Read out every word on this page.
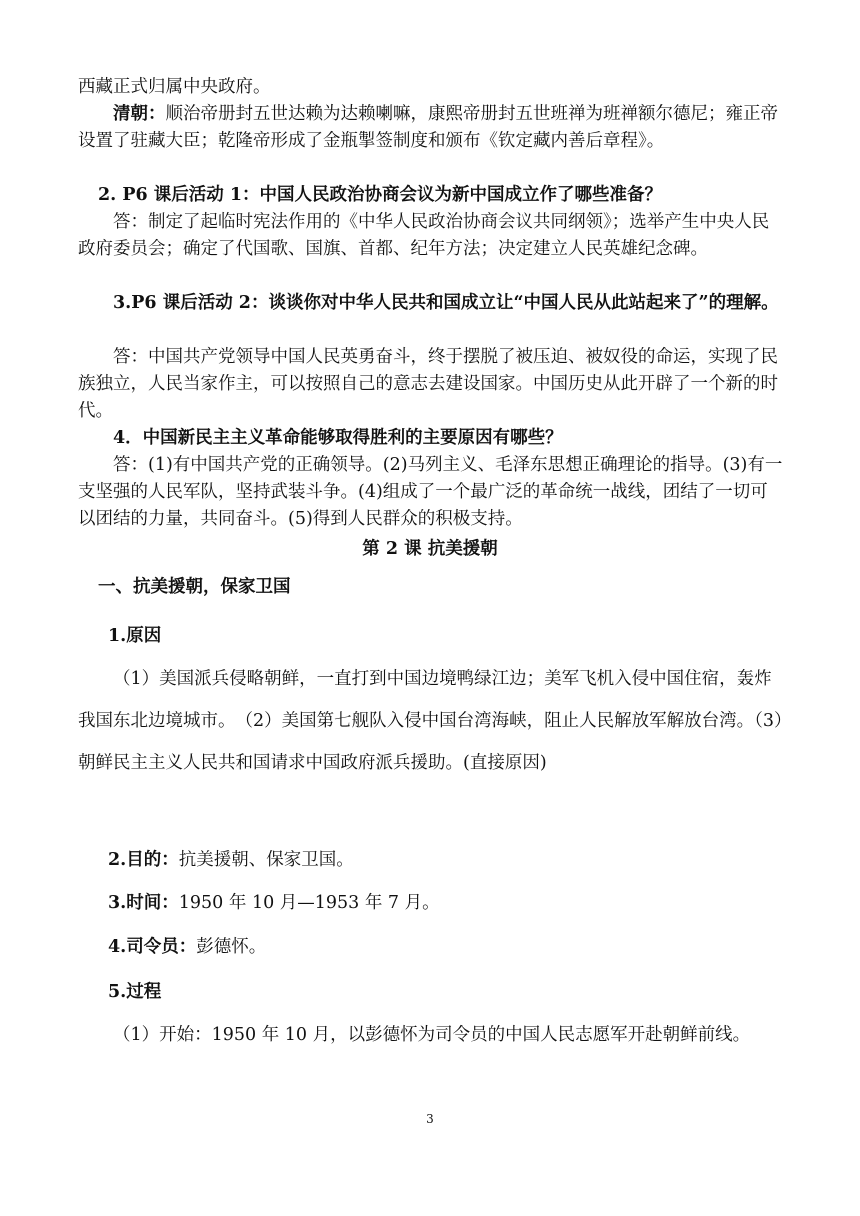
西藏正式归属中央政府。

清朝：顺治帝册封五世达赖为达赖喇嘛，康熙帝册封五世班禅为班禅额尔德尼；雍正帝设置了驻藏大臣；乾隆帝形成了金瓶掣签制度和颁布《钦定藏内善后章程》。

2. P6 课后活动 1：中国人民政治协商会议为新中国成立作了哪些准备？

答：制定了起临时宪法作用的《中华人民政治协商会议共同纲领》；选举产生中央人民政府委员会；确定了代国歌、国旗、首都、纪年方法；决定建立人民英雄纪念碑。

3.P6 课后活动 2：谈谈你对中华人民共和国成立让“中国人民从此站起来了”的理解。

答：中国共产党领导中国人民英勇奋斗，终于摆脱了被压迫、被奴役的命运，实现了民族独立，人民当家作主，可以按照自己的意志去建设国家。中国历史从此开辟了一个新的时代。

4．中国新民主主义革命能够取得胜利的主要原因有哪些？

答：(1)有中国共产党的正确领导。(2)马列主义、毛泽东思想正确理论的指导。(3)有一支坚强的人民军队，坚持武装斗争。(4)组成了一个最广泛的革命统一战线，团结了一切可以团结的力量，共同奋斗。(5)得到人民群众的积极支持。

第 2 课 抗美援朝

一、抗美援朝，保家卫国

1.原因

（1）美国派兵侵略朝鲜，一直打到中国边境鸭绿江边；美军飞机入侵中国住宿，轰炸我国东北边境城市。　（2）美国第七舰队入侵中国台湾海峡，阻止人民解放军解放台湾。（3）朝鲜民主主义人民共和国请求中国政府派兵援助。(直接原因)

2.目的：抗美援朝、保家卫国。

3.时间：1950 年 10 月—1953 年 7 月。

4.司令员：彭德怀。

5.过程

（1）开始：1950 年 10 月，以彭德怀为司令员的中国人民志愿军开赴朝鲜前线。

3
